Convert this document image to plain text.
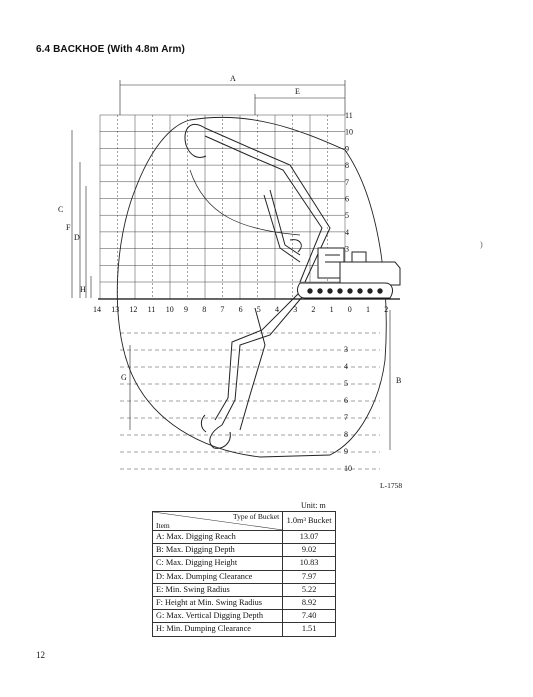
6.4 BACKHOE (With 4.8m Arm)
A
E
C
F
D
H
G	B
14 13 12 11 10 9 8 7 6 5 4 3 2 1 0 1 2
11
10
9
8
7
6
5
4
3
3
4
5
6
7
8
9
10
L-1758
)
Unit: m
Type of Bucket
Item	1.0m³ Bucket
A: Max. Digging Reach	13.07
B: Max. Digging Depth	9.02
C: Max. Digging Height	10.83
D: Max. Dumping Clearance	7.97
E: Min. Swing Radius	5.22
F: Height at Min. Swing Radius	8.92
G: Max. Vertical Digging Depth	7.40
H: Min. Dumping Clearance	1.51
12
